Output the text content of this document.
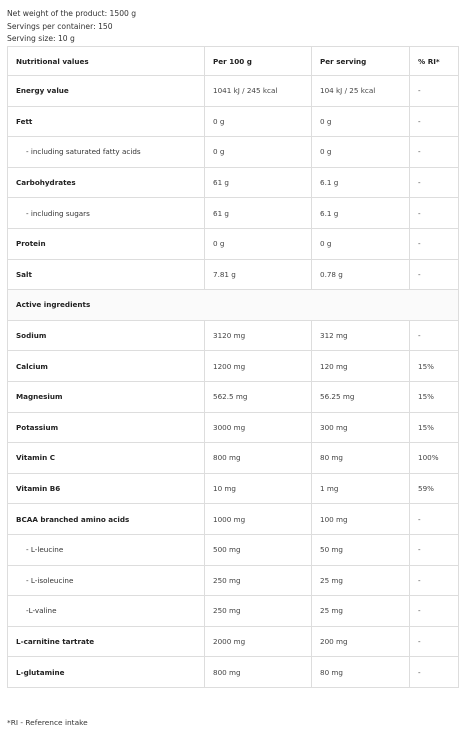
Net weight of the product: 1500 g
Servings per container: 150
Serving size: 10 g
Nutritional values	Per 100 g	Per serving	% RI*
Energy value	1041 kJ / 245 kcal	104 kJ / 25 kcal	-
Fett	0 g	0 g	-
- including saturated fatty acids	0 g	0 g	-
Carbohydrates	61 g	6.1 g	-
- including sugars	61 g	6.1 g	-
Protein	0 g	0 g	-
Salt	7.81 g	0.78 g	-
Active ingredients			
Sodium	3120 mg	312 mg	-
Calcium	1200 mg	120 mg	15%
Magnesium	562.5 mg	56.25 mg	15%
Potassium	3000 mg	300 mg	15%
Vitamin C	800 mg	80 mg	100%
Vitamin B6	10 mg	1 mg	59%
BCAA branched amino acids	1000 mg	100 mg	-
- L-leucine	500 mg	50 mg	-
- L-isoleucine	250 mg	25 mg	-
-L-valine	250 mg	25 mg	-
L-carnitine tartrate	2000 mg	200 mg	-
L-glutamine	800 mg	80 mg	-
*RI - Reference intake
